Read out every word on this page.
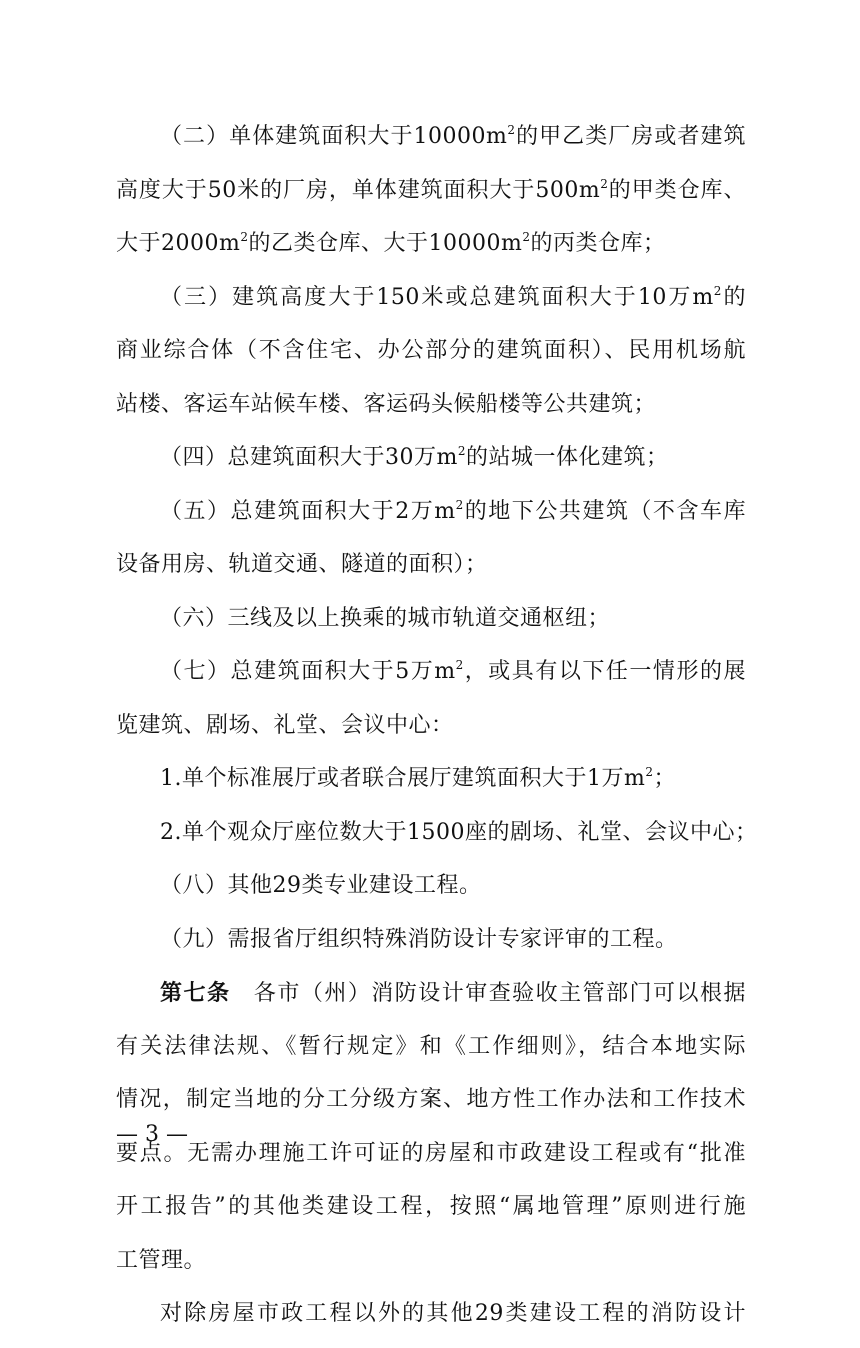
（二）单体建筑面积大于$10000m^2$的甲乙类厂房或者建筑
高度大于50米的厂房，单体建筑面积大于$500m^2$的甲类仓库、
大于$2000m^2$的乙类仓库、大于$10000m^2$的丙类仓库；
（三）建筑高度大于150米或总建筑面积大于10万$m^2$的
商业综合体（不含住宅、办公部分的建筑面积）、民用机场航
站楼、客运车站候车楼、客运码头候船楼等公共建筑；
（四）总建筑面积大于30万$m^2$的站城一体化建筑；
（五）总建筑面积大于2万$m^2$的地下公共建筑（不含车库
设备用房、轨道交通、隧道的面积）；
（六）三线及以上换乘的城市轨道交通枢纽；
（七）总建筑面积大于5万$m^2$，或具有以下任一情形的展
览建筑、剧场、礼堂、会议中心：
1.单个标准展厅或者联合展厅建筑面积大于1万$m^2$；
2.单个观众厅座位数大于1500座的剧场、礼堂、会议中心；
（八）其他29类专业建设工程。
（九）需报省厅组织特殊消防设计专家评审的工程。
第七条　 各市（州）消防设计审查验收主管部门可以根据
有关法律法规、《暂行规定》和《工作细则》，结合本地实际
情况，制定当地的分工分级方案、地方性工作办法和工作技术
要点。无需办理施工许可证的房屋和市政建设工程或有“批准
开工报告”的其他类建设工程，按照“属地管理”原则进行施
工管理。
对除房屋市政工程以外的其他29类建设工程的消防设计
— 3 —
